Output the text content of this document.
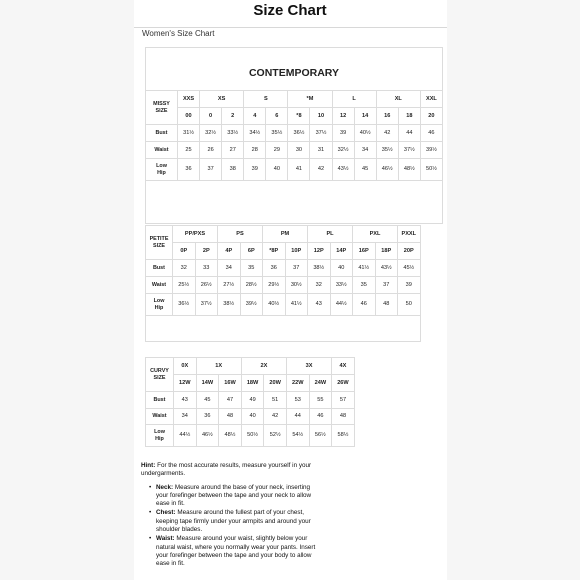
Size Chart
Women's Size Chart
CONTEMPORARY												
MISSY
SIZE	XXS	XS		S		*M		L		XL		XXL
	00	0	2	4	6	*8	10	12	14	16	18	20
Bust	31½	32½	33½	34½	35½	36½	37½	39	40½	42	44	46
Waist	25	26	27	28	29	30	31	32½	34	35½	37½	39½
Low
Hip	36	37	38	39	40	41	42	43½	45	46½	48½	50½

PETITE
SIZE	PP/PXS		PS		PM		PL		PXL		PXXL
	0P	2P	4P	6P	*8P	10P	12P	14P	16P	18P	20P
Bust	32	33	34	35	36	37	38½	40	41½	43½	45½
Waist	25½	26½	27½	28½	29½	30½	32	33½	35	37	39
Low
Hip	36½	37½	38½	39½	40½	41½	43	44½	46	48	50

CURVY
SIZE	0X	1X		2X		3X		4X
	12W	14W	16W	18W	20W	22W	24W	26W
Bust	43	45	47	49	51	53	55	57
Waist	34	36	48	40	42	44	46	48
Low
Hip	44½	46½	48½	50½	52½	54½	56½	58½

Hint: For the most accurate results, measure yourself in your undergarments.

• Neck: Measure around the base of your neck, inserting your forefinger between the tape and your neck to allow ease in fit.
• Chest: Measure around the fullest part of your chest, keeping tape firmly under your armpits and around your shoulder blades.
• Waist: Measure around your waist, slightly below your natural waist, where you normally wear your pants. Insert your forefinger between the tape and your body to allow ease in fit.
